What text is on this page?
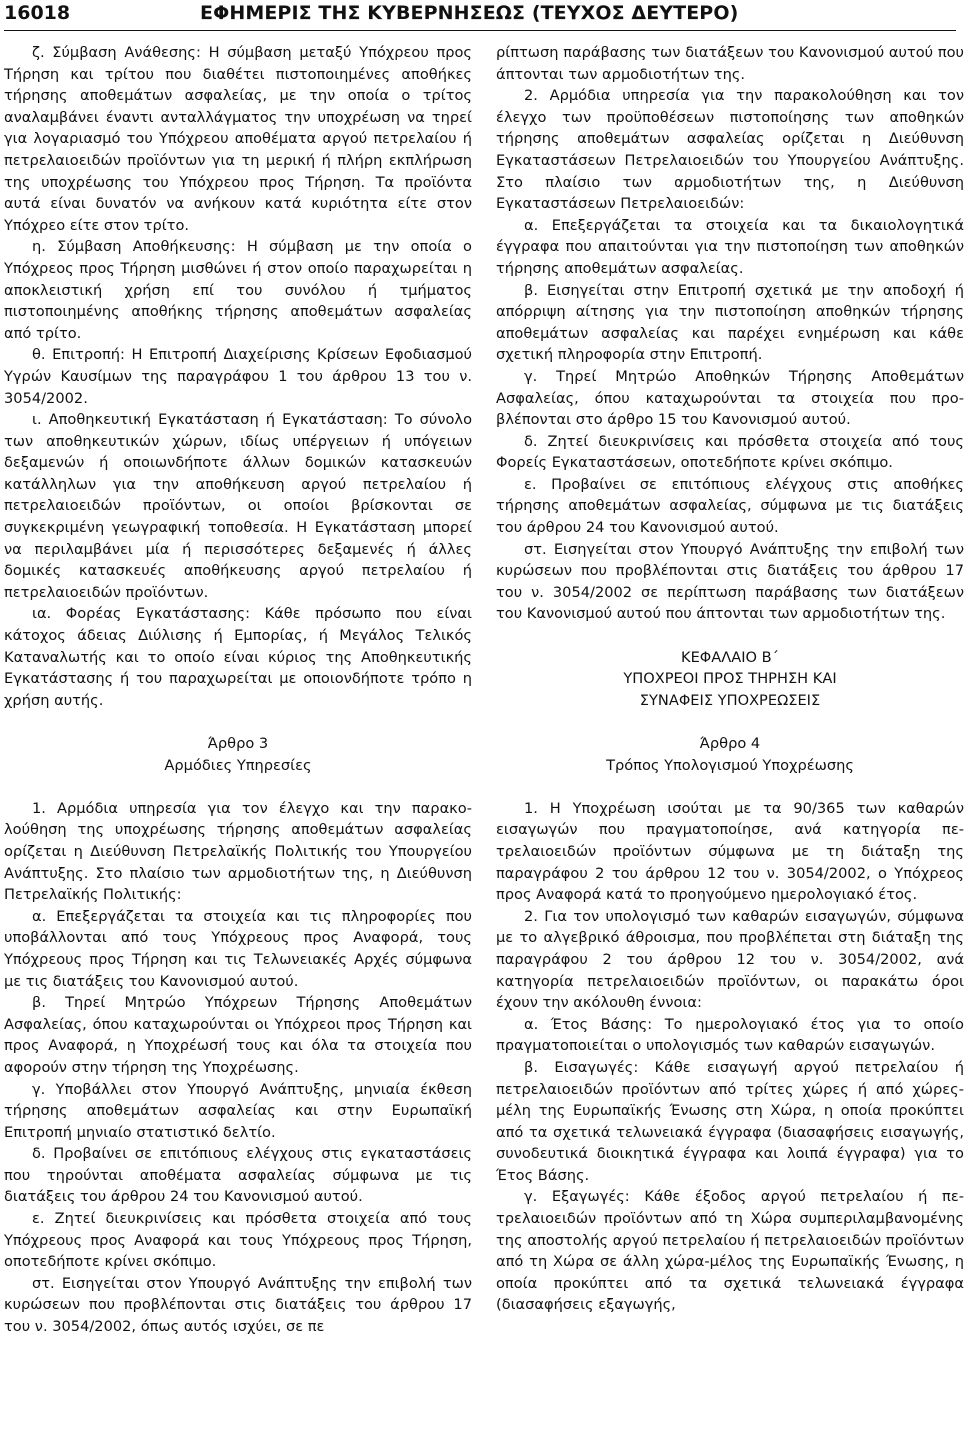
16018	ΕΦΗΜΕΡΙΣ ΤΗΣ ΚΥΒΕΡΝΗΣΕΩΣ (ΤΕΥΧΟΣ ΔΕΥΤΕΡΟ)

ζ. Σύμβαση Ανάθεσης: Η σύμβαση μεταξύ Υπόχρεου προς Τήρηση και τρίτου που διαθέτει πιστοποιημένες αποθήκες τήρησης αποθεμάτων ασφαλείας, με την οποία ο τρίτος αναλαμβάνει έναντι ανταλλάγματος την υποχρέωση να τηρεί για λογαριασμό του Υπόχρεου αποθέματα αργού πετρελαίου ή πετρελαιοειδών προϊόντων για τη μερική ή πλήρη εκπλήρωση της υποχρέωσης του Υπόχρεου προς Τήρηση. Τα προϊόντα αυτά είναι δυνατόν να ανήκουν κατά κυριότητα είτε στον Υπόχρεο είτε στον τρίτο.

η. Σύμβαση Αποθήκευσης: Η σύμβαση με την οποία ο Υπόχρεος προς Τήρηση μισθώνει ή στον οποίο παραχωρείται η αποκλειστική χρήση επί του συνόλου ή τμήματος πιστοποιημένης αποθήκης τήρησης αποθεμάτων ασφαλείας από τρίτο.

θ. Επιτροπή: Η Επιτροπή Διαχείρισης Κρίσεων Εφοδιασμού Υγρών Καυσίμων της παραγράφου 1 του άρθρου 13 του ν. 3054/2002.

ι. Αποθηκευτική Εγκατάσταση ή Εγκατάσταση: Το σύνολο των αποθηκευτικών χώρων, ιδίως υπέργειων ή υπόγειων δεξαμενών ή οποιωνδήποτε άλλων δομικών κατασκευών κατάλληλων για την αποθήκευση αργού πετρελαίου ή πετρελαιοειδών προϊόντων, οι οποίοι βρίσκονται σε συγκεκριμένη γεωγραφική τοποθεσία. Η Εγκατάσταση μπορεί να περιλαμβάνει μία ή περισσότερες δεξαμενές ή άλλες δομικές κατασκευές αποθήκευσης αργού πετρελαίου ή πετρελαιοειδών προϊόντων.

ια. Φορέας Εγκατάστασης: Κάθε πρόσωπο που είναι κάτοχος άδειας Διύλισης ή Εμπορίας, ή Μεγάλος Τελικός Καταναλωτής και το οποίο είναι κύριος της Αποθηκευτικής Εγκατάστασης ή του παραχωρείται με οποιονδήποτε τρόπο η χρήση αυτής.

Άρθρο 3

Αρμόδιες Υπηρεσίες

1. Αρμόδια υπηρεσία για τον έλεγχο και την παρακολούθηση της υποχρέωσης τήρησης αποθεμάτων ασφαλείας ορίζεται η Διεύθυνση Πετρελαϊκής Πολιτικής του Υπουργείου Ανάπτυξης. Στο πλαίσιο των αρμοδιοτήτων της, η Διεύθυνση Πετρελαϊκής Πολιτικής:

α. Επεξεργάζεται τα στοιχεία και τις πληροφορίες που υποβάλλονται από τους Υπόχρεους προς Αναφορά, τους Υπόχρεους προς Τήρηση και τις Τελωνειακές Αρχές σύμφωνα με τις διατάξεις του Κανονισμού αυτού.

β. Τηρεί Μητρώο Υπόχρεων Τήρησης Αποθεμάτων Ασφαλείας, όπου καταχωρούνται οι Υπόχρεοι προς Τήρηση και προς Αναφορά, η Υποχρέωσή τους και όλα τα στοιχεία που αφορούν στην τήρηση της Υποχρέωσης.

γ. Υποβάλλει στον Υπουργό Ανάπτυξης, μηνιαία έκθεση τήρησης αποθεμάτων ασφαλείας και στην Ευρωπαϊκή Επιτροπή μηνιαίο στατιστικό δελτίο.

δ. Προβαίνει σε επιτόπιους ελέγχους στις εγκαταστάσεις που τηρούνται αποθέματα ασφαλείας σύμφωνα με τις διατάξεις του άρθρου 24 του Κανονισμού αυτού.

ε. Ζητεί διευκρινίσεις και πρόσθετα στοιχεία από τους Υπόχρεους προς Αναφορά και τους Υπόχρεους προς Τήρηση, οποτεδήποτε κρίνει σκόπιμο.

στ. Εισηγείται στον Υπουργό Ανάπτυξης την επιβολή των κυρώσεων που προβλέπονται στις διατάξεις του άρθρου 17 του ν. 3054/2002, όπως αυτός ισχύει, σε πε

ρίπτωση παράβασης των διατάξεων του Κανονισμού αυτού που άπτονται των αρμοδιοτήτων της.

2. Αρμόδια υπηρεσία για την παρακολούθηση και τον έλεγχο των προϋποθέσεων πιστοποίησης των αποθηκών τήρησης αποθεμάτων ασφαλείας ορίζεται η Διεύθυνση Εγκαταστάσεων Πετρελαιοειδών του Υπουργείου Ανάπτυξης. Στο πλαίσιο των αρμοδιοτήτων της, η Διεύθυνση Εγκαταστάσεων Πετρελαιοειδών:

α. Επεξεργάζεται τα στοιχεία και τα δικαιολογητικά έγγραφα που απαιτούνται για την πιστοποίηση των αποθηκών τήρησης αποθεμάτων ασφαλείας.

β. Εισηγείται στην Επιτροπή σχετικά με την αποδοχή ή απόρριψη αίτησης για την πιστοποίηση αποθηκών τήρησης αποθεμάτων ασφαλείας και παρέχει ενημέρωση και κάθε σχετική πληροφορία στην Επιτροπή.

γ. Τηρεί Μητρώο Αποθηκών Τήρησης Αποθεμάτων Ασφαλείας, όπου καταχωρούνται τα στοιχεία που προβλέπονται στο άρθρο 15 του Κανονισμού αυτού.

δ. Ζητεί διευκρινίσεις και πρόσθετα στοιχεία από τους Φορείς Εγκαταστάσεων, οποτεδήποτε κρίνει σκόπιμο.

ε. Προβαίνει σε επιτόπιους ελέγχους στις αποθήκες τήρησης αποθεμάτων ασφαλείας, σύμφωνα με τις διατάξεις του άρθρου 24 του Κανονισμού αυτού.

στ. Εισηγείται στον Υπουργό Ανάπτυξης την επιβολή των κυρώσεων που προβλέπονται στις διατάξεις του άρθρου 17 του ν. 3054/2002 σε περίπτωση παράβασης των διατάξεων του Κανονισμού αυτού που άπτονται των αρμοδιοτήτων της.

ΚΕΦΑΛΑΙΟ Β΄

ΥΠΟΧΡΕΟΙ ΠΡΟΣ ΤΗΡΗΣΗ ΚΑΙ

ΣΥΝΑΦΕΙΣ ΥΠΟΧΡΕΩΣΕΙΣ

Άρθρο 4

Τρόπος Υπολογισμού Υποχρέωσης

1. Η Υποχρέωση ισούται με τα 90/365 των καθαρών εισαγωγών που πραγματοποίησε, ανά κατηγορία πετρελαιοειδών προϊόντων σύμφωνα με τη διάταξη της παραγράφου 2 του άρθρου 12 του ν. 3054/2002, ο Υπόχρεος προς Αναφορά κατά το προηγούμενο ημερολογιακό έτος.

2. Για τον υπολογισμό των καθαρών εισαγωγών, σύμφωνα με το αλγεβρικό άθροισμα, που προβλέπεται στη διάταξη της παραγράφου 2 του άρθρου 12 του ν. 3054/2002, ανά κατηγορία πετρελαιοειδών προϊόντων, οι παρακάτω όροι έχουν την ακόλουθη έννοια:

α. Έτος Βάσης: Το ημερολογιακό έτος για το οποίο πραγματοποιείται ο υπολογισμός των καθαρών εισαγωγών.

β. Εισαγωγές: Κάθε εισαγωγή αργού πετρελαίου ή πετρελαιοειδών προϊόντων από τρίτες χώρες ή από χώρες-μέλη της Ευρωπαϊκής Ένωσης στη Χώρα, η οποία προκύπτει από τα σχετικά τελωνειακά έγγραφα (διασαφήσεις εισαγωγής, συνοδευτικά διοικητικά έγγραφα και λοιπά έγγραφα) για το Έτος Βάσης.

γ. Εξαγωγές: Κάθε έξοδος αργού πετρελαίου ή πετρελαιοειδών προϊόντων από τη Χώρα συμπεριλαμβανομένης της αποστολής αργού πετρελαίου ή πετρελαιοειδών προϊόντων από τη Χώρα σε άλλη χώρα-μέλος της Ευρωπαϊκής Ένωσης, η οποία προκύπτει από τα σχετικά τελωνειακά έγγραφα (διασαφήσεις εξαγωγής,
